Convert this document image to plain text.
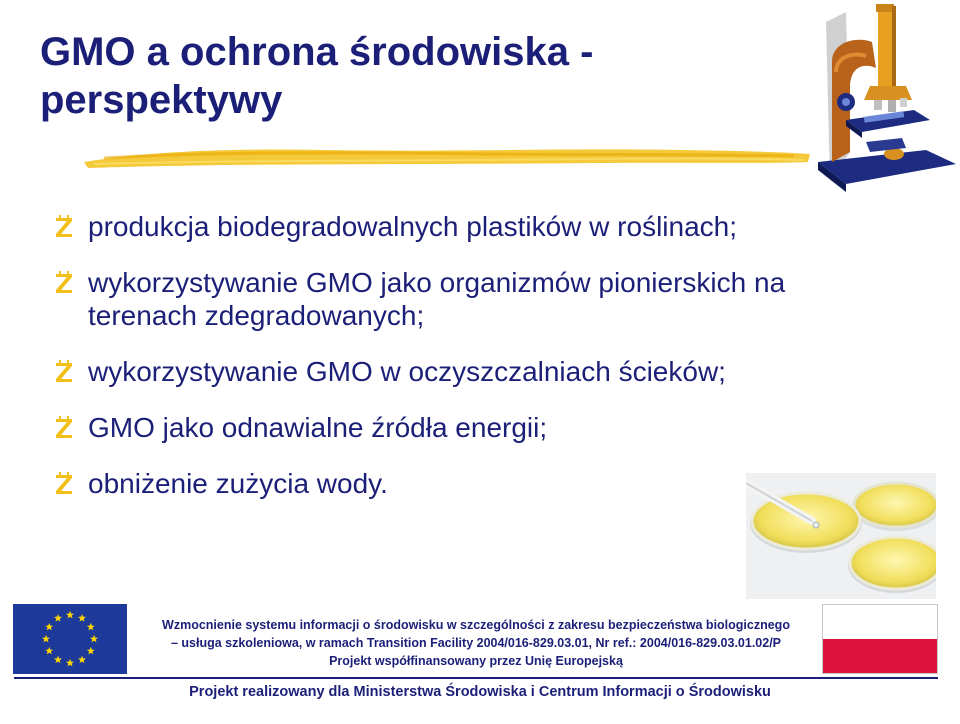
GMO a ochrona środowiska - perspektywy
produkcja biodegradowalnych plastików w roślinach;
wykorzystywanie GMO jako organizmów pionierskich na terenach zdegradowanych;
wykorzystywanie GMO w oczyszczalniach ścieków;
GMO jako odnawialne źródła energii;
obniżenie zużycia wody.
Wzmocnienie systemu informacji o środowisku w szczególności z zakresu bezpieczeństwa biologicznego
– usługa szkoleniowa, w ramach Transition Facility 2004/016-829.03.01, Nr ref.: 2004/016-829.03.01.02/P
Projekt współfinansowany przez Unię Europejską
Projekt realizowany dla Ministerstwa Środowiska i Centrum Informacji o Środowisku
